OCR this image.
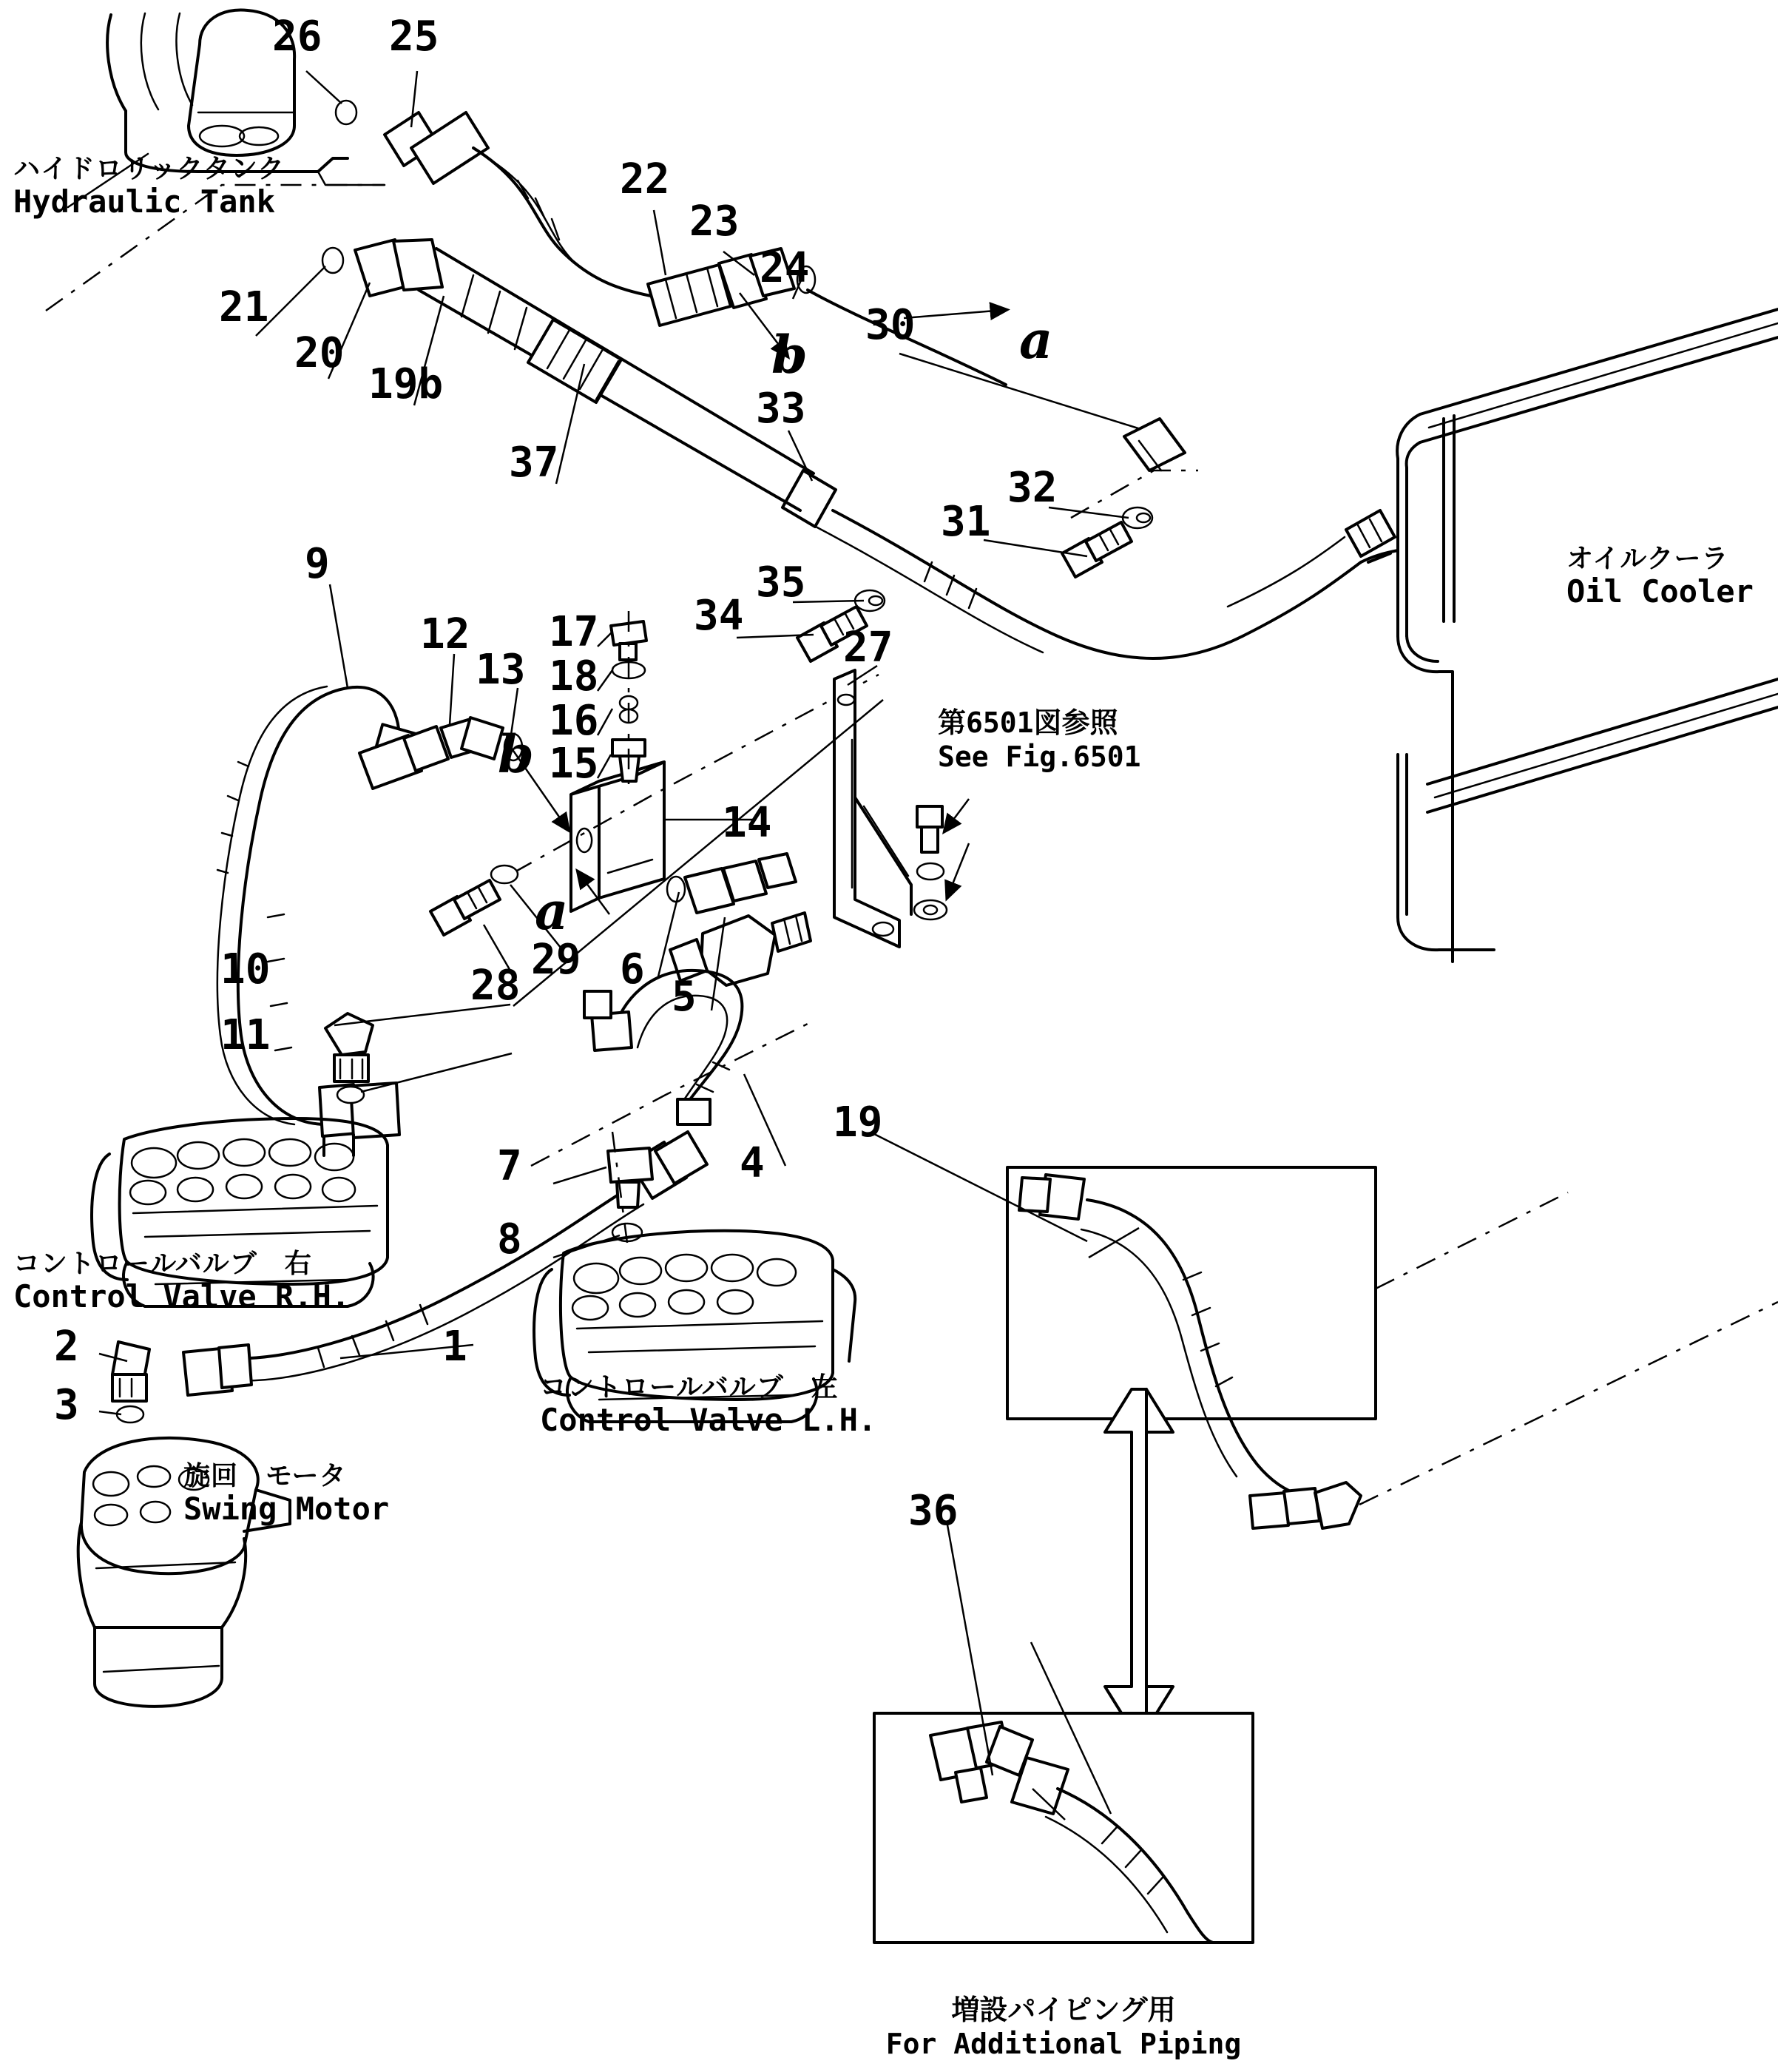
26 25
22
23
24
21
20
19b
37
33
30
32
31
35
34
9
12
13
17
18
16
15
14
27
29
28 6
5
10
11
4
7
8
1
2
3
19
36
a
b
a
b
ハイドロリックタンク
Hydraulic Tank
オイルクーラ
Oil Cooler
コントロールバルブ　右
Control Valve R.H.
コントロールバルブ　左
Control Valve L.H.
旋回　モータ
Swing Motor
第6501図参照
See Fig.6501
増設パイピング用
For Additional Piping
